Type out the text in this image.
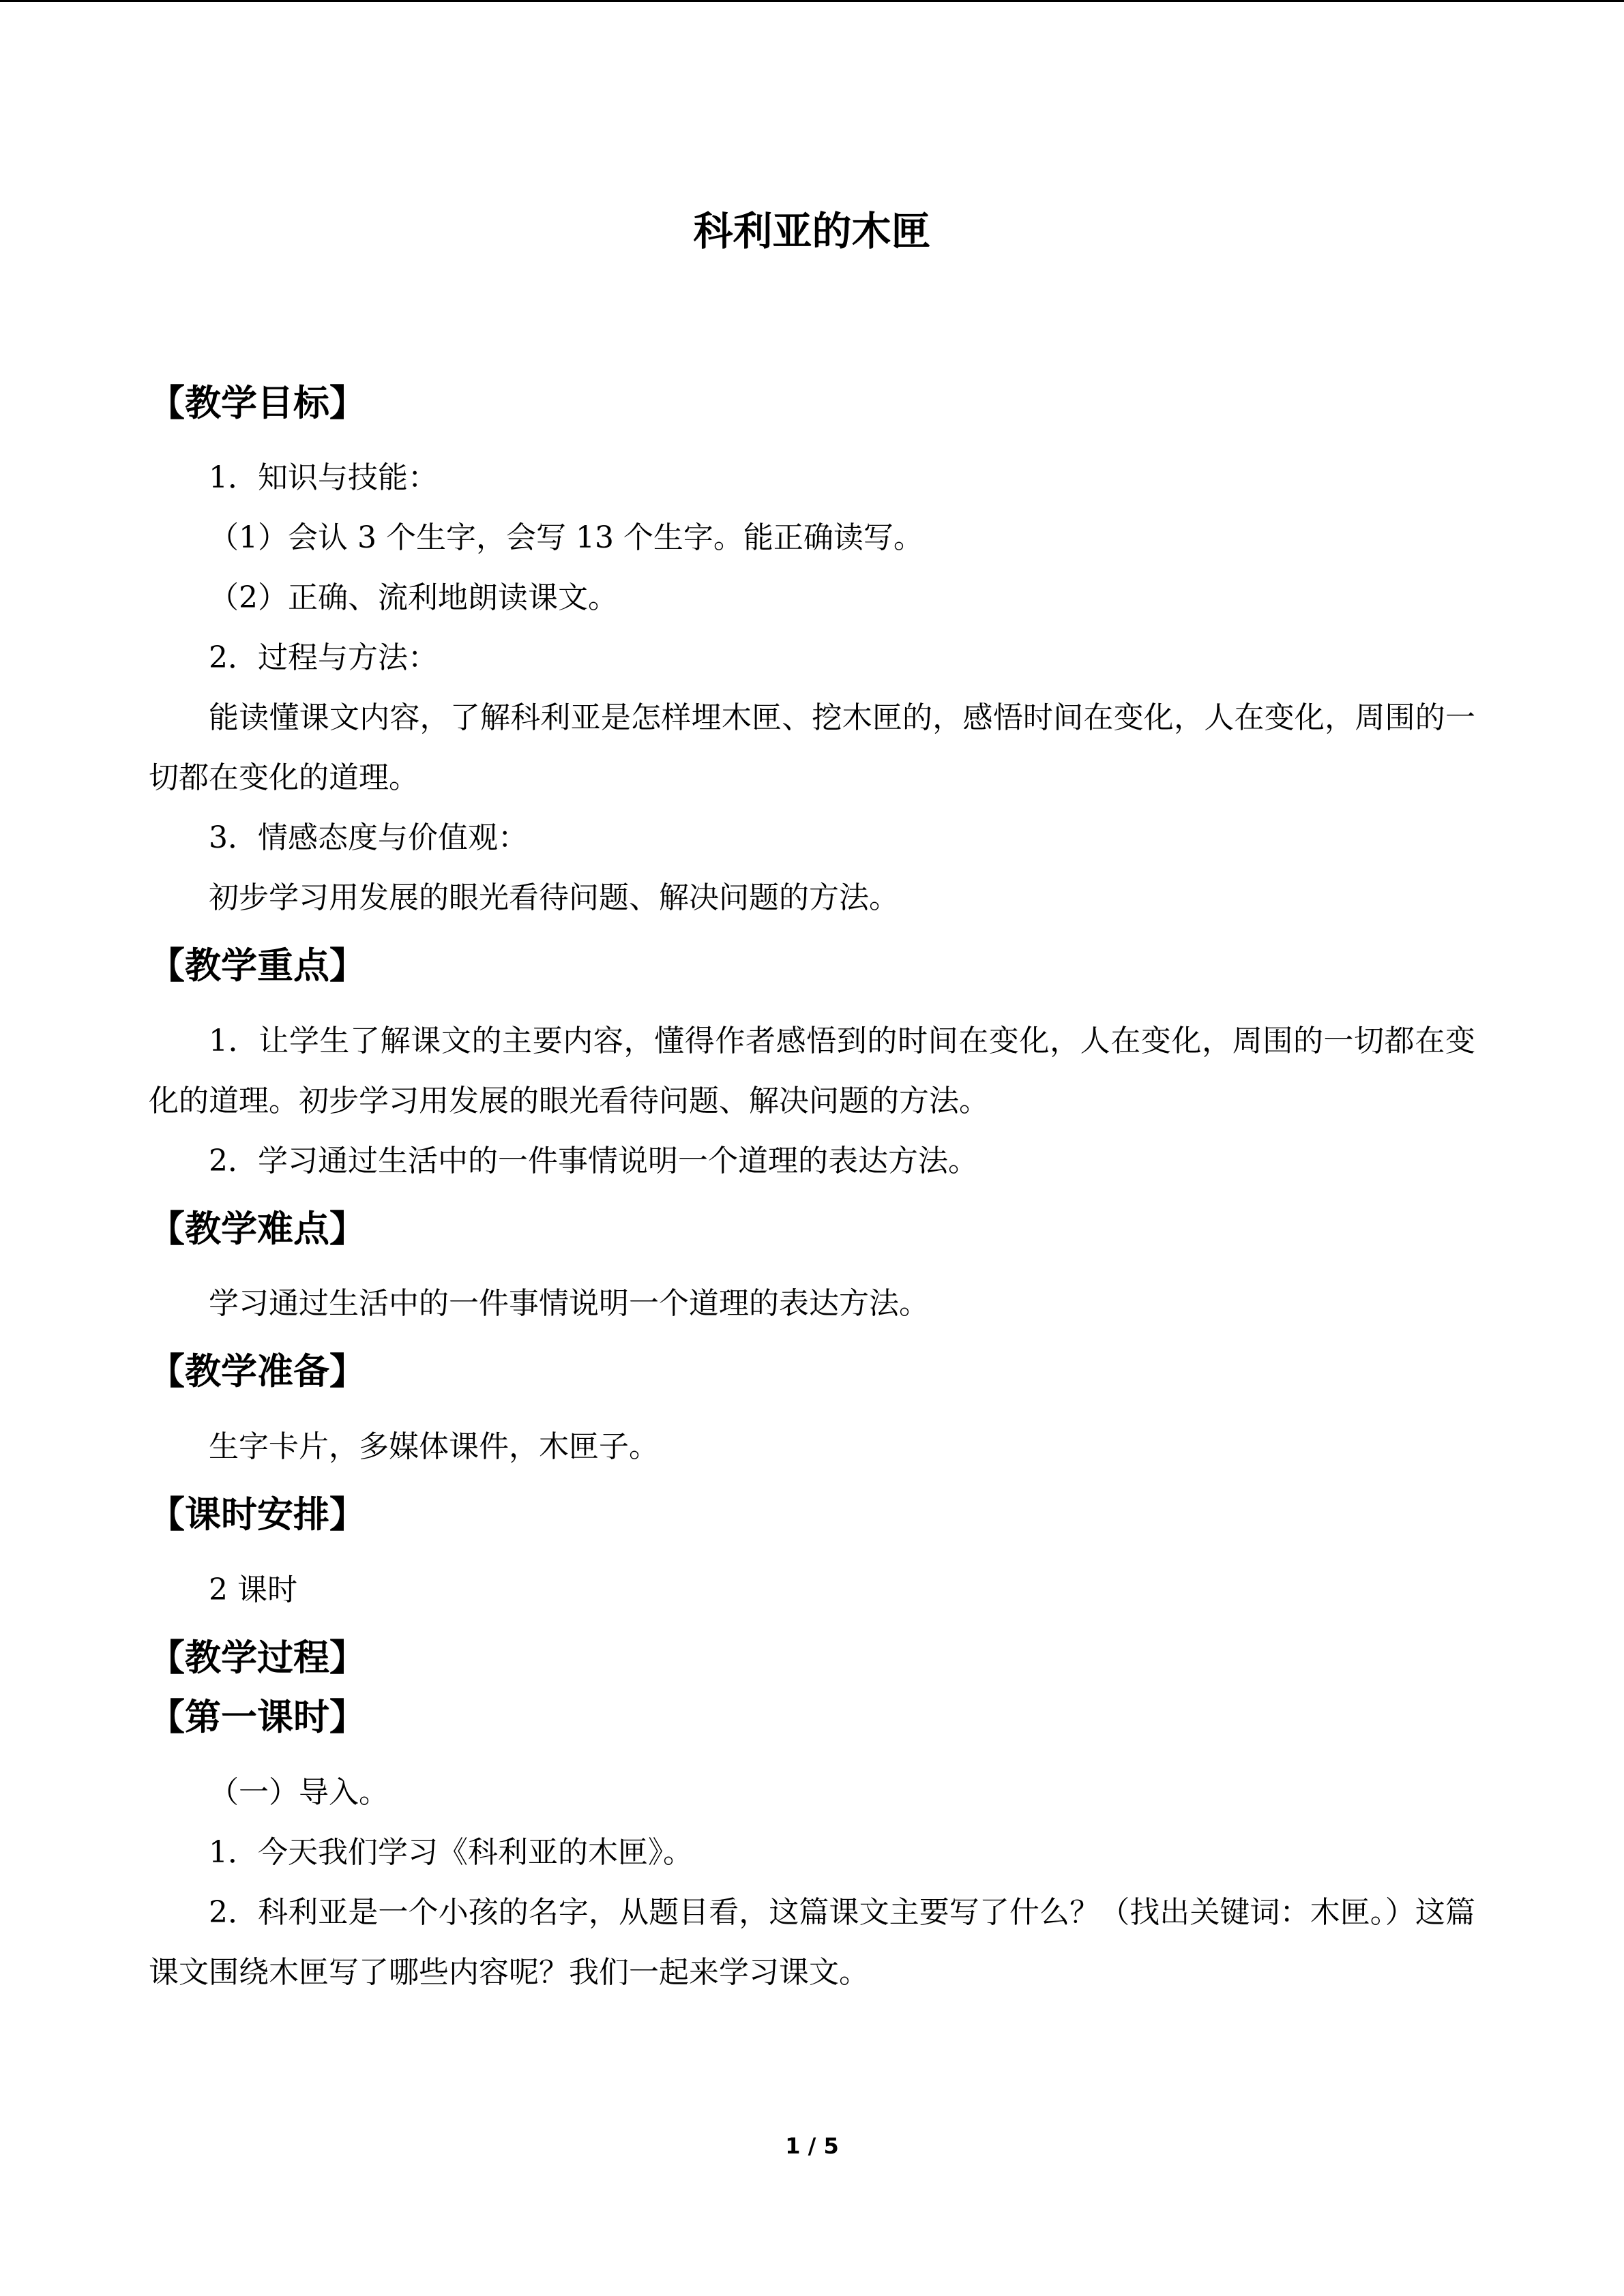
科利亚的木匣
【教学目标】

1．知识与技能：

（1）会认 3 个生字，会写 13 个生字。能正确读写。

（2）正确、流利地朗读课文。

2．过程与方法：

能读懂课文内容，了解科利亚是怎样埋木匣、挖木匣的，感悟时间在变化，人在变化，周围的一切都在变化的道理。

3．情感态度与价值观：

初步学习用发展的眼光看待问题、解决问题的方法。

【教学重点】

1．让学生了解课文的主要内容，懂得作者感悟到的时间在变化，人在变化，周围的一切都在变化的道理。初步学习用发展的眼光看待问题、解决问题的方法。

2．学习通过生活中的一件事情说明一个道理的表达方法。

【教学难点】

学习通过生活中的一件事情说明一个道理的表达方法。

【教学准备】

生字卡片，多媒体课件，木匣子。

【课时安排】

2 课时

【教学过程】
【第一课时】

（一）导入。

1．今天我们学习《科利亚的木匣》。

2．科利亚是一个小孩的名字，从题目看，这篇课文主要写了什么？（找出关键词：木匣。）这篇课文围绕木匣写了哪些内容呢？我们一起来学习课文。

1 / 5
